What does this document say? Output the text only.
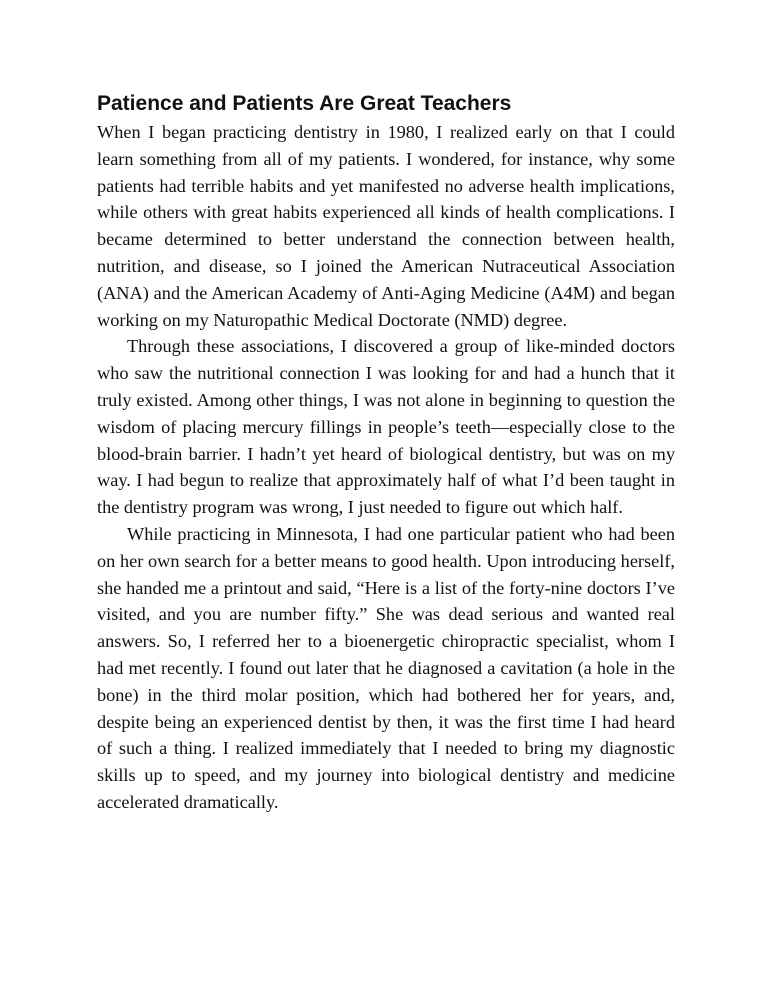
Patience and Patients Are Great Teachers

When I began practicing dentistry in 1980, I realized early on that I could learn something from all of my patients. I wondered, for instance, why some patients had terrible habits and yet manifested no adverse health implications, while others with great habits experienced all kinds of health complications. I became determined to better understand the connection between health, nutrition, and disease, so I joined the American Nutraceutical Association (ANA) and the American Academy of Anti-Aging Medicine (A4M) and began working on my Naturopathic Medical Doctorate (NMD) degree.

Through these associations, I discovered a group of like-minded doctors who saw the nutritional connection I was looking for and had a hunch that it truly existed. Among other things, I was not alone in beginning to question the wisdom of placing mercury fillings in people’s teeth—especially close to the blood-brain barrier. I hadn’t yet heard of biological dentistry, but was on my way. I had begun to realize that approximately half of what I’d been taught in the dentistry program was wrong, I just needed to figure out which half.

While practicing in Minnesota, I had one particular patient who had been on her own search for a better means to good health. Upon introducing herself, she handed me a printout and said, “Here is a list of the forty-nine doctors I’ve visited, and you are number fifty.” She was dead serious and wanted real answers. So, I referred her to a bioenergetic chiropractic specialist, whom I had met recently. I found out later that he diagnosed a cavitation (a hole in the bone) in the third molar position, which had bothered her for years, and, despite being an experienced dentist by then, it was the first time I had heard of such a thing. I realized immediately that I needed to bring my diagnostic skills up to speed, and my journey into biological dentistry and medicine accelerated dramatically.
